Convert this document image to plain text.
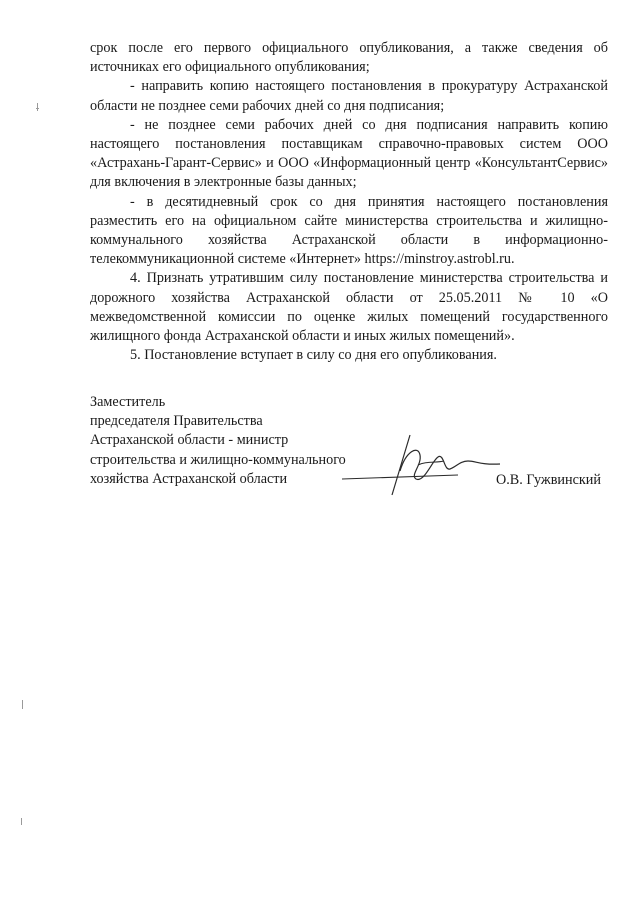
срок после его первого официального опубликования, а также сведения об источниках его официального опубликования;

- направить копию настоящего постановления в прокуратуру Астраханской области не позднее семи рабочих дней со дня подписания;

- не позднее семи рабочих дней со дня подписания направить копию настоящего постановления поставщикам справочно-правовых систем ООО «Астрахань-Гарант-Сервис» и ООО «Информационный центр «КонсультантСервис» для включения в электронные базы данных;

- в десятидневный срок со дня принятия настоящего постановления разместить его на официальном сайте министерства строительства и жилищно-коммунального хозяйства Астраханской области в информационно-телекоммуникационной системе «Интернет» https://minstroy.astrobl.ru.

4. Признать утратившим силу постановление министерства строительства и дорожного хозяйства Астраханской области от 25.05.2011 № 10 «О межведомственной комиссии по оценке жилых помещений государственного жилищного фонда Астраханской области и иных жилых помещений».

5. Постановление вступает в силу со дня его опубликования.

Заместитель
председателя Правительства
Астраханской области - министр
строительства и жилищно-коммунального
хозяйства Астраханской области	О.В. Гужвинский
